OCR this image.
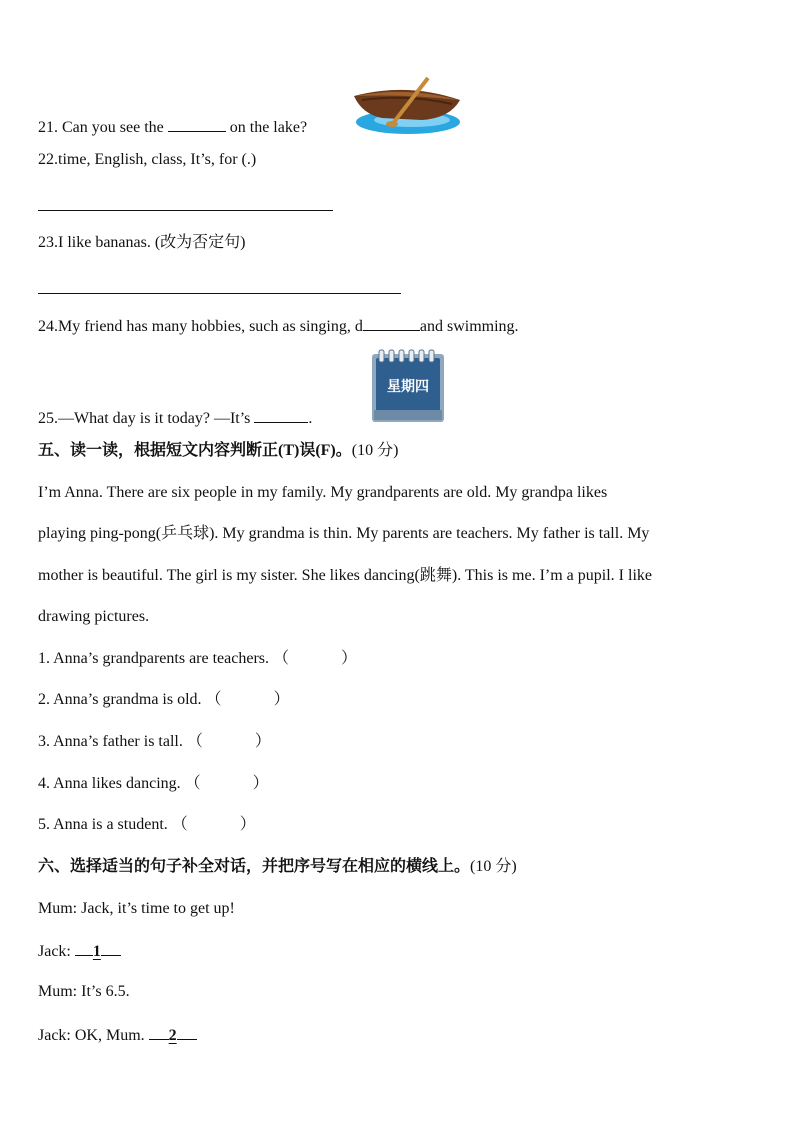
21. Can you see the	on the lake?
22.time, English, class, It’s, for (.)
23.I like bananas. (改为否定句)
24.My friend has many hobbies, such as singing, d	and swimming.
星期四
25.—What day is it today? —It’s	.
五、读一读，根据短文内容判断正(T)误(F)。(10 分)
I’m Anna. There are six people in my family. My grandparents are old. My grandpa likes
playing ping-pong(乒乓球). My grandma is thin. My parents are teachers. My father is tall. My
mother is beautiful. The girl is my sister. She likes dancing(跳舞). This is me. I’m a pupil. I like
drawing pictures.
1. Anna’s grandparents are teachers. （	）
2. Anna’s grandma is old. （	）
3. Anna’s father is tall. （	）
4. Anna likes dancing. （	）
5. Anna is a student. （	）
六、选择适当的句子补全对话，并把序号写在相应的横线上。(10 分)
Mum: Jack, it’s time to get up!
Jack: 1
Mum: It’s 6.5.
Jack: OK, Mum. 2
